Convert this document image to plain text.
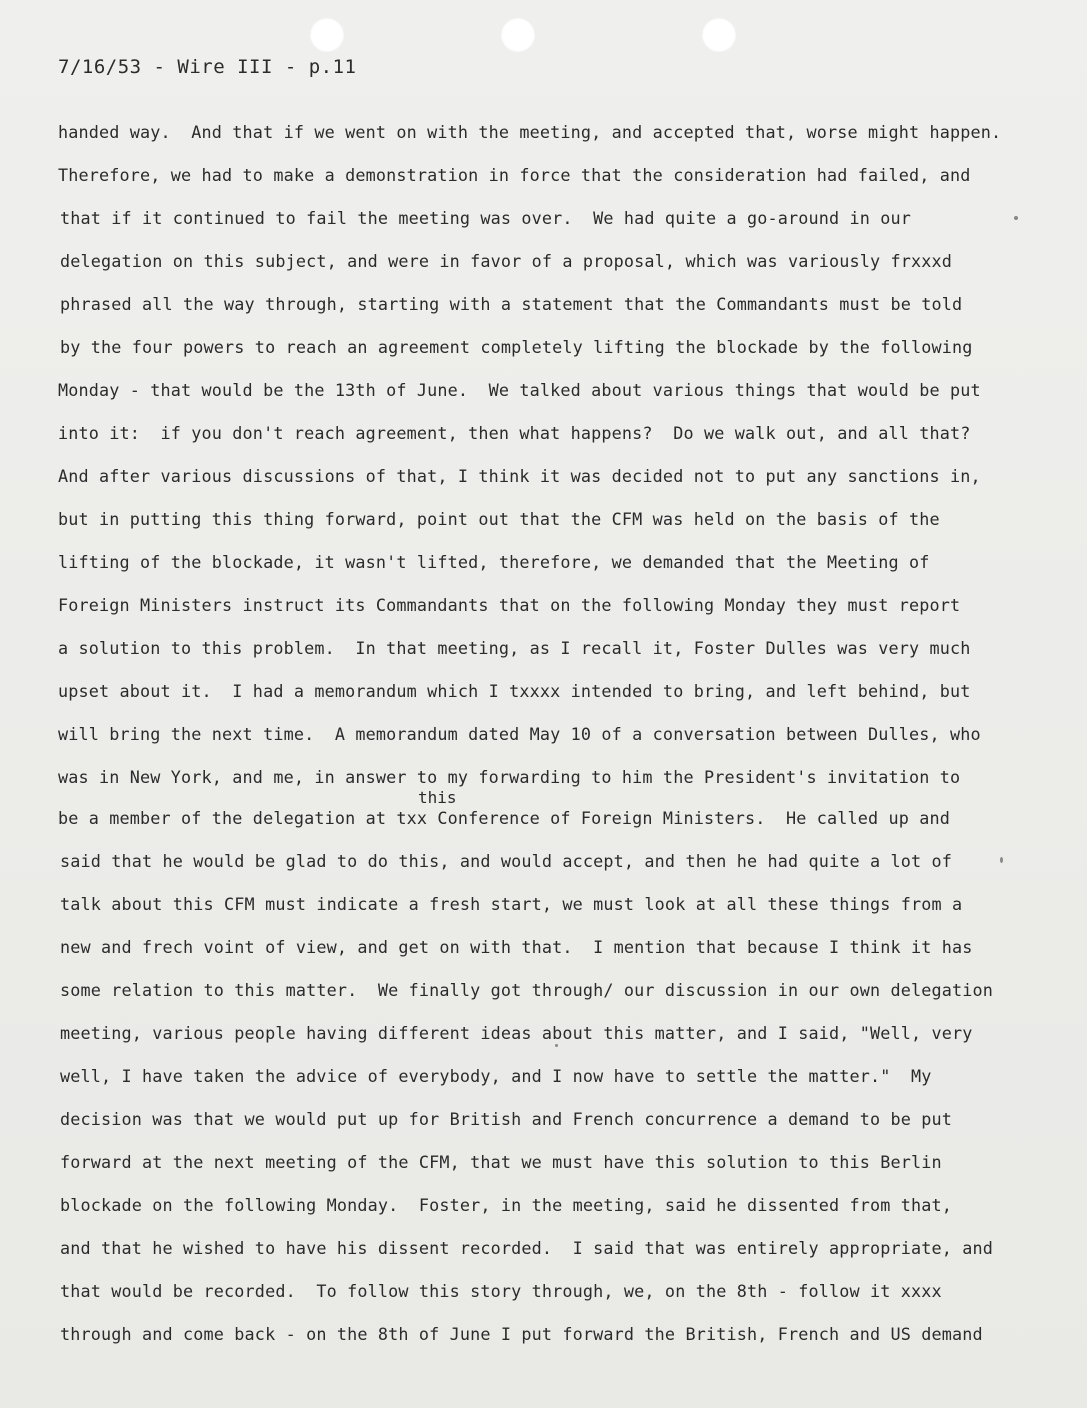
7/16/53 - Wire III - p.11
this
handed way.  And that if we went on with the meeting, and accepted that, worse might happen.
Therefore, we had to make a demonstration in force that the consideration had failed, and
that if it continued to fail the meeting was over.  We had quite a go-around in our
delegation on this subject, and were in favor of a proposal, which was variously frxxxd
phrased all the way through, starting with a statement that the Commandants must be told
by the four powers to reach an agreement completely lifting the blockade by the following
Monday - that would be the 13th of June.  We talked about various things that would be put
into it:  if you don't reach agreement, then what happens?  Do we walk out, and all that?
And after various discussions of that, I think it was decided not to put any sanctions in,
but in putting this thing forward, point out that the CFM was held on the basis of the
lifting of the blockade, it wasn't lifted, therefore, we demanded that the Meeting of
Foreign Ministers instruct its Commandants that on the following Monday they must report
a solution to this problem.  In that meeting, as I recall it, Foster Dulles was very much
upset about it.  I had a memorandum which I txxxx intended to bring, and left behind, but
will bring the next time.  A memorandum dated May 10 of a conversation between Dulles, who
was in New York, and me, in answer to my forwarding to him the President's invitation to
be a member of the delegation at txx Conference of Foreign Ministers.  He called up and
said that he would be glad to do this, and would accept, and then he had quite a lot of
talk about this CFM must indicate a fresh start, we must look at all these things from a
new and frech voint of view, and get on with that.  I mention that because I think it has
some relation to this matter.  We finally got through/ our discussion in our own delegation
meeting, various people having different ideas about this matter, and I said, "Well, very
well, I have taken the advice of everybody, and I now have to settle the matter."  My
decision was that we would put up for British and French concurrence a demand to be put
forward at the next meeting of the CFM, that we must have this solution to this Berlin
blockade on the following Monday.  Foster, in the meeting, said he dissented from that,
and that he wished to have his dissent recorded.  I said that was entirely appropriate, and
that would be recorded.  To follow this story through, we, on the 8th - follow it xxxx
through and come back - on the 8th of June I put forward the British, French and US demand
